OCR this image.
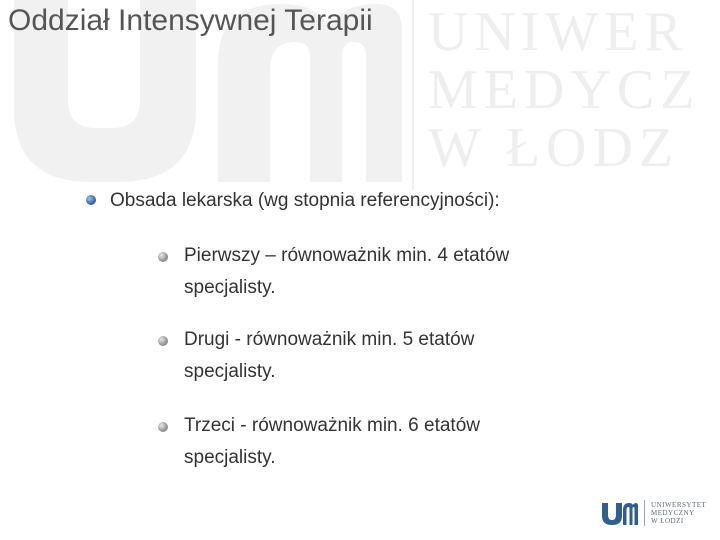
UNIWER
MEDYCZ
W ŁODZ
Oddział Intensywnej Terapii
Obsada lekarska (wg stopnia referencyjności):
Pierwszy – równoważnik min. 4 etatów
specjalisty.
Drugi - równoważnik min. 5 etatów
specjalisty.
Trzeci - równoważnik min. 6 etatów
specjalisty.
UNIWERSYTET
MEDYCZNY
W ŁODZI
